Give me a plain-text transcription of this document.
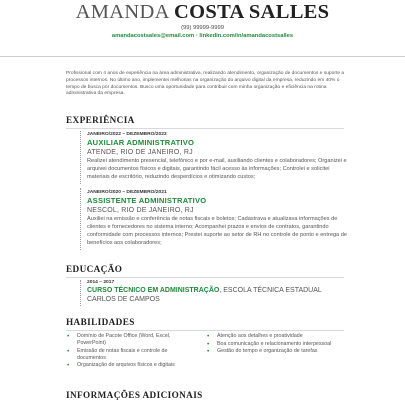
AMANDA COSTA SALLES
(99) 99999-9999
amandacostsales@email.com · linkedin.com/in/amandacostsalles
Profissional com 4 anos de experiência na área administrativa, realizando atendimento, organização de documentos e suporte a processos internos. No último ano, implementei melhorias na organização do arquivo digital da empresa, reduzindo em 40% o tempo de busca por documentos. Busco uma oportunidade para contribuir com minha organização e eficiência na rotina administrativa da empresa.
EXPERIÊNCIA
JANEIRO/2022 – DEZEMBRO/2023
AUXILIAR ADMINISTRATIVO
ATENDE, RIO DE JANEIRO, RJ
Realizei atendimento presencial, telefônico e por e-mail, auxiliando clientes e colaboradores; Organizei e arquivei documentos físicos e digitais, garantindo fácil acesso às informações; Controlei e solicitei materiais de escritório, reduzindo desperdícios e otimizando custos;
JANEIRO/2020 – DEZEMBRO/2021
ASSISTENTE ADMINISTRATIVO
NESCOL, RIO DE JANEIRO, RJ
Auxiliei na emissão e conferência de notas fiscais e boletos; Cadastrava e atualizava informações de clientes e fornecedores no sistema interno; Acompanhei prazos e envios de contratos, garantindo conformidade com processos internos; Prestei suporte ao setor de RH no controle de ponto e entrega de benefícios aos colaboradores;
EDUCAÇÃO
2014 – 2017
CURSO TÉCNICO EM ADMINISTRAÇÃO, ESCOLA TÉCNICA ESTADUAL CARLOS DE CAMPOS
HABILIDADES
• Domínio de Pacote Office (Word, Excel, PowerPoint)
• Emissão de notas fiscais e controle de documentos
• Organização de arquivos físicos e digitais
• Atenção aos detalhes e proatividade
• Boa comunicação e relacionamento interpessoal
• Gestão do tempo e organização de tarefas
INFORMAÇÕES ADICIONAIS
